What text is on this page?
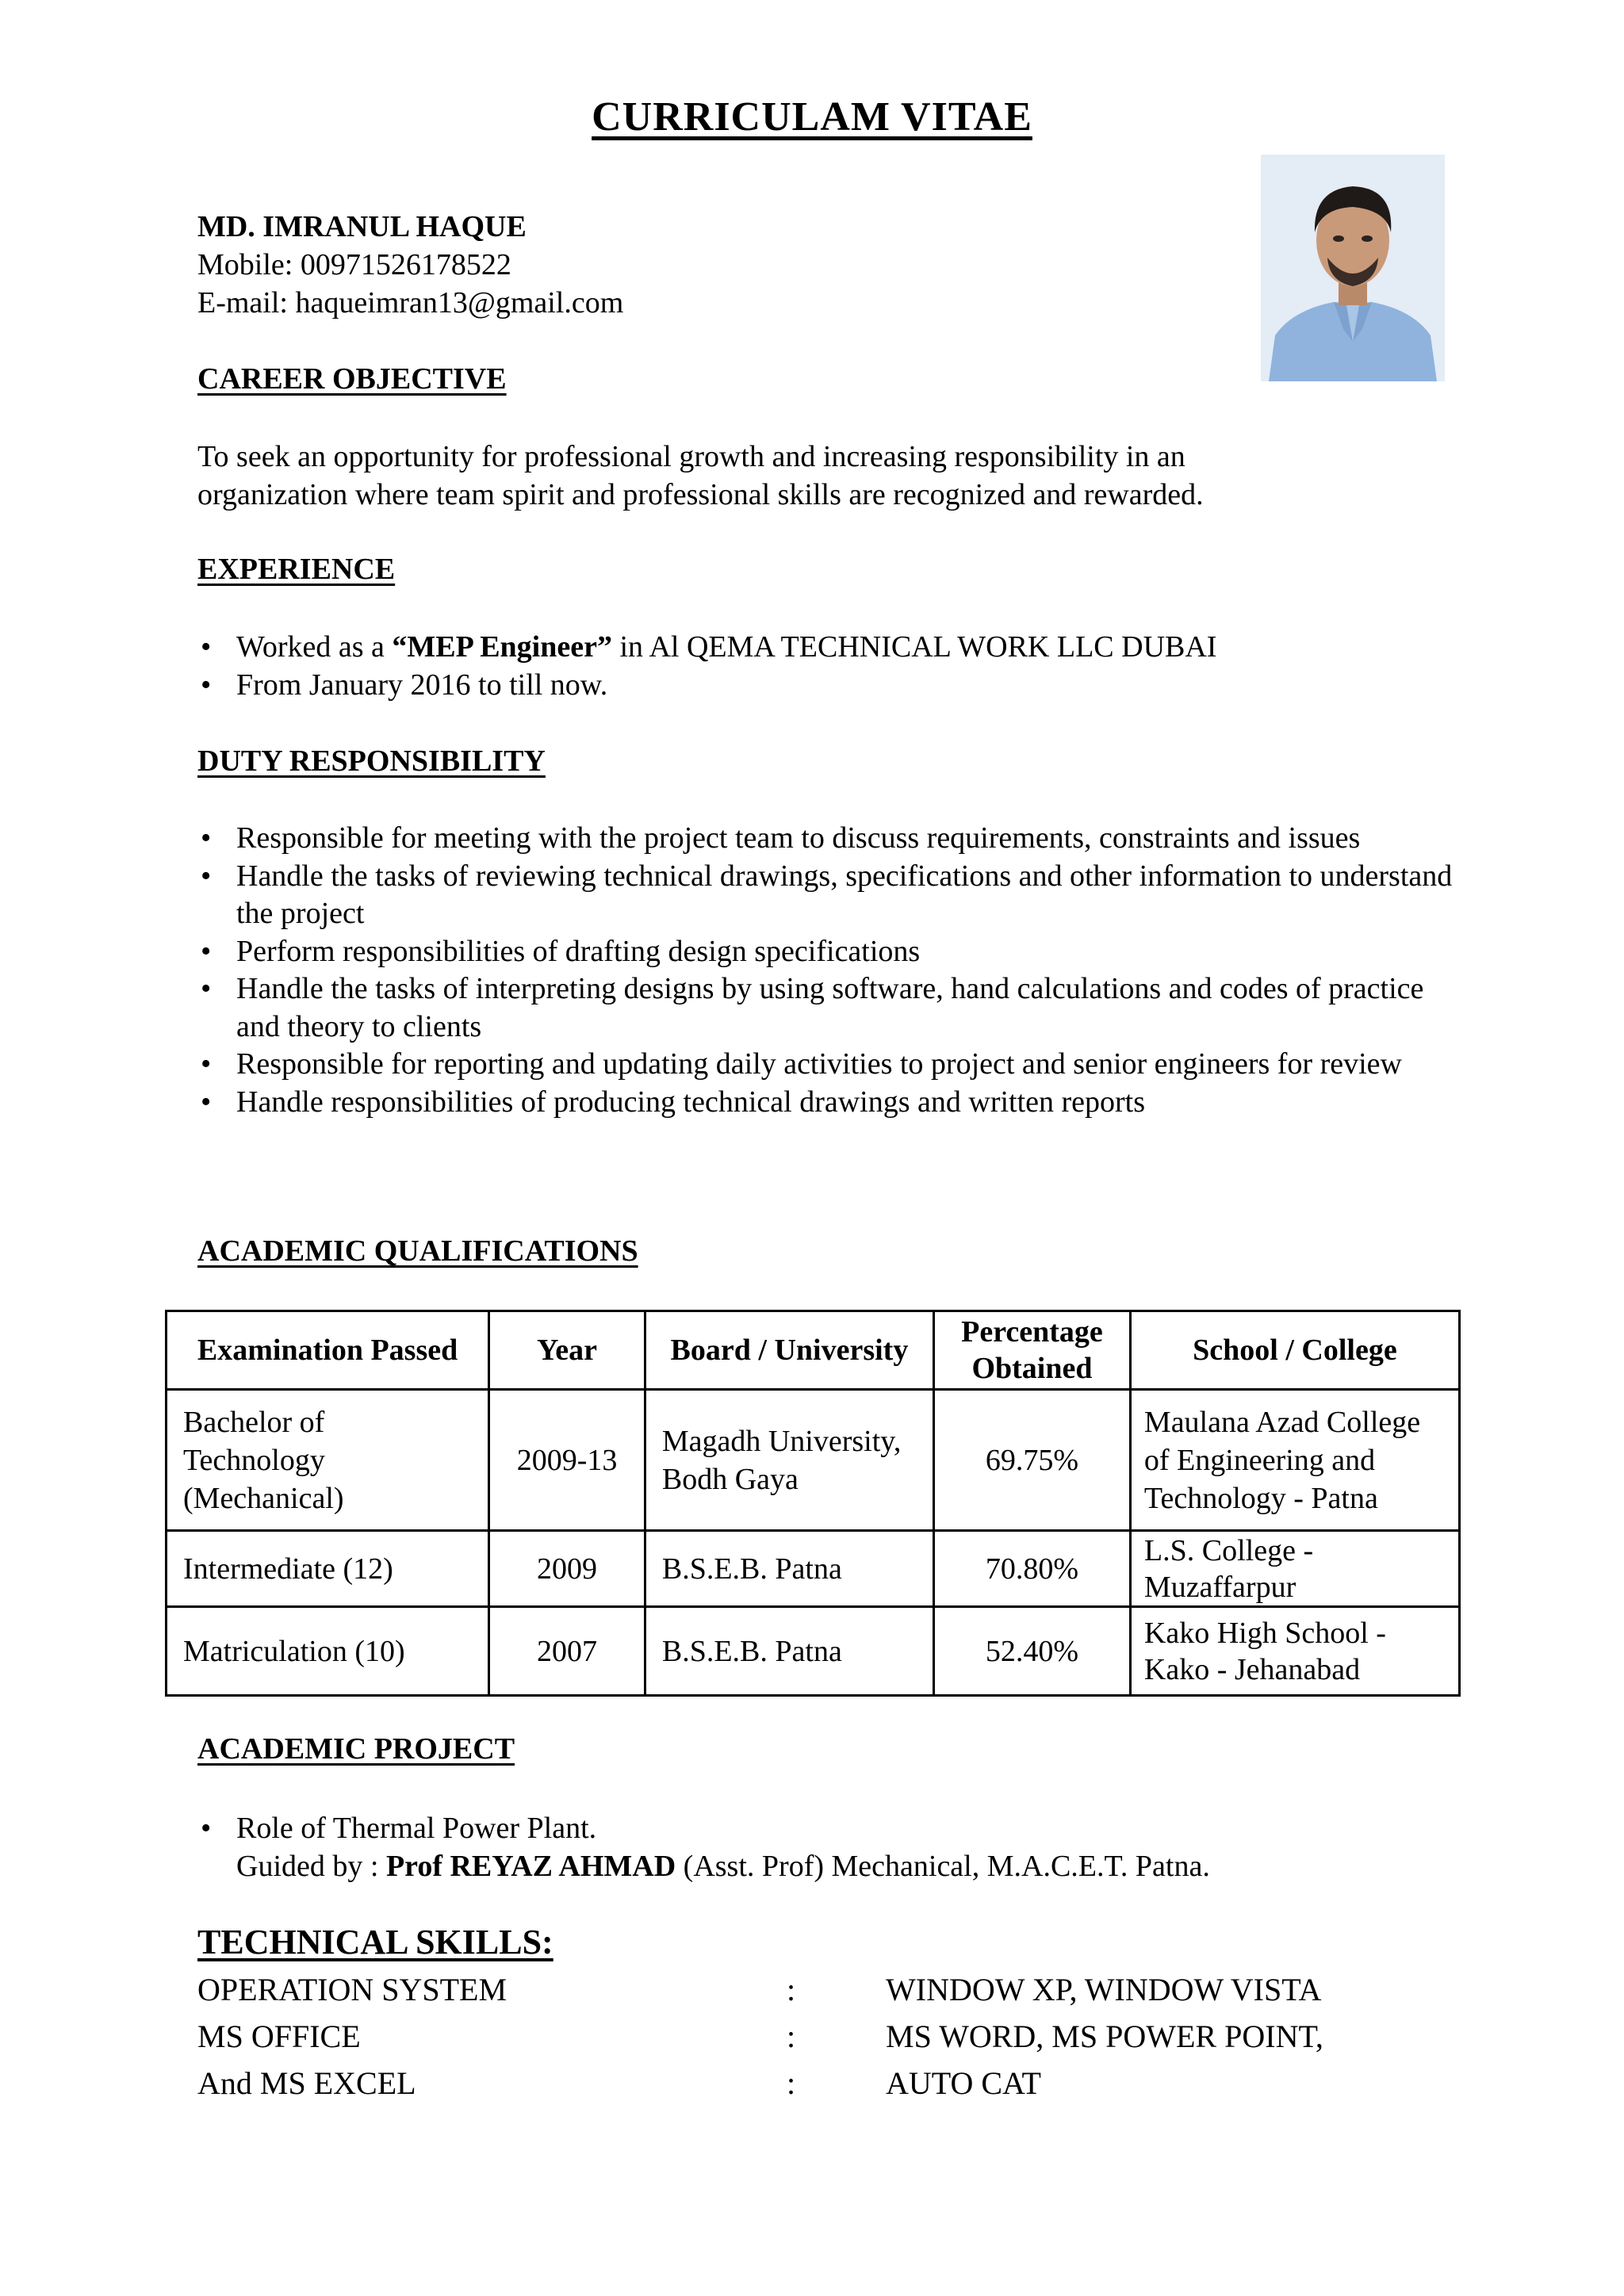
CURRICULAM VITAE
MD. IMRANUL HAQUE
Mobile: 00971526178522
E-mail: haqueimran13@gmail.com
CAREER OBJECTIVE
To seek an opportunity for professional growth and increasing responsibility in an
organization where team spirit and professional skills are recognized and rewarded.
EXPERIENCE
• Worked as a “MEP Engineer” in Al QEMA TECHNICAL WORK LLC DUBAI
• From January 2016 to till now.
DUTY RESPONSIBILITY
• Responsible for meeting with the project team to discuss requirements, constraints and issues
• Handle the tasks of reviewing technical drawings, specifications and other information to understand the project
• Perform responsibilities of drafting design specifications
• Handle the tasks of interpreting designs by using software, hand calculations and codes of practice and theory to clients
• Responsible for reporting and updating daily activities to project and senior engineers for review
• Handle responsibilities of producing technical drawings and written reports
ACADEMIC QUALIFICATIONS
Examination Passed	Year	Board / University	Percentage Obtained	School / College
Bachelor of Technology (Mechanical)	2009-13	Magadh University, Bodh Gaya	69.75%	Maulana Azad College of Engineering and Technology - Patna
Intermediate (12)	2009	B.S.E.B. Patna	70.80%	L.S. College - Muzaffarpur
Matriculation (10)	2007	B.S.E.B. Patna	52.40%	Kako High School - Kako - Jehanabad
ACADEMIC PROJECT
• Role of Thermal Power Plant.
Guided by : Prof REYAZ AHMAD (Asst. Prof) Mechanical, M.A.C.E.T. Patna.
TECHNICAL SKILLS:
OPERATION SYSTEM	:	WINDOW XP, WINDOW VISTA
MS OFFICE	:	MS WORD, MS POWER POINT,
And MS EXCEL	:	AUTO CAT
